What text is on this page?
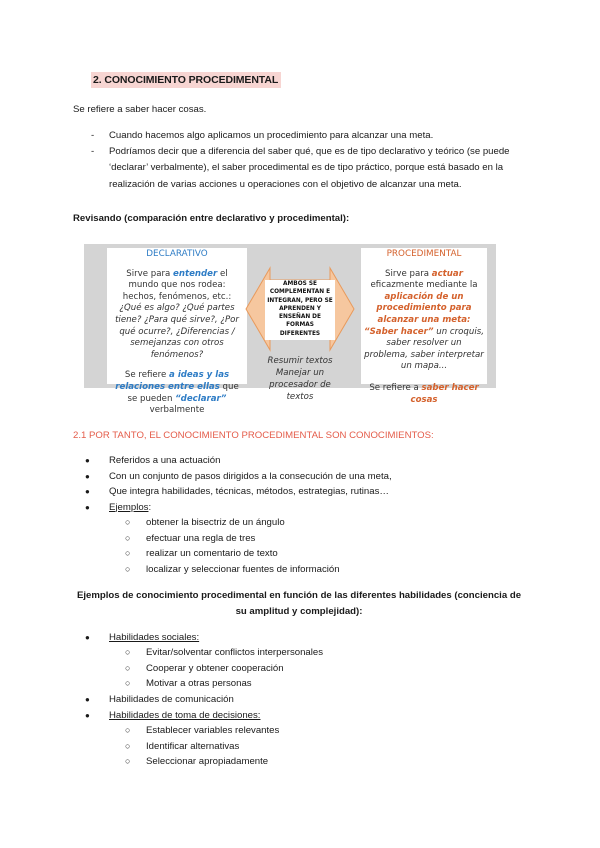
2. CONOCIMIENTO PROCEDIMENTAL
Se refiere a saber hacer cosas.
- Cuando hacemos algo aplicamos un procedimiento para alcanzar una meta.
- Podríamos decir que a diferencia del saber qué, que es de tipo declarativo y teórico (se puede ‘declarar’ verbalmente), el saber procedimental es de tipo práctico, porque está basado en la realización de varias acciones u operaciones con el objetivo de alcanzar una meta.
Revisando (comparación entre declarativo y procedimental):
DECLARATIVO
Sirve para entender el mundo que nos rodea: hechos, fenómenos, etc.: ¿Qué es algo? ¿Qué partes tiene? ¿Para qué sirve?, ¿Por qué ocurre?, ¿Diferencias / semejanzas con otros fenómenos?
Se refiere a ideas y las relaciones entre ellas que se pueden “declarar” verbalmente
AMBOS SE COMPLEMENTAN E INTEGRAN, PERO SE APRENDEN Y ENSEÑAN DE FORMAS DIFERENTES
Resumir textos Manejar un procesador de textos
PROCEDIMENTAL
Sirve para actuar eficazmente mediante la aplicación de un procedimiento para alcanzar una meta: “Saber hacer” un croquis, saber resolver un problema, saber interpretar un mapa...
Se refiere a saber hacer cosas
2.1 POR TANTO, EL CONOCIMIENTO PROCEDIMENTAL SON CONOCIMIENTOS:
● Referidos a una actuación
● Con un conjunto de pasos dirigidos a la consecución de una meta,
● Que integra habilidades, técnicas, métodos, estrategias, rutinas…
● Ejemplos:
○ obtener la bisectriz de un ángulo
○ efectuar una regla de tres
○ realizar un comentario de texto
○ localizar y seleccionar fuentes de información
Ejemplos de conocimiento procedimental en función de las diferentes habilidades (conciencia de su amplitud y complejidad):
● Habilidades sociales:
○ Evitar/solventar conflictos interpersonales
○ Cooperar y obtener cooperación
○ Motivar a otras personas
● Habilidades de comunicación
● Habilidades de toma de decisiones:
○ Establecer variables relevantes
○ Identificar alternativas
○ Seleccionar apropiadamente
